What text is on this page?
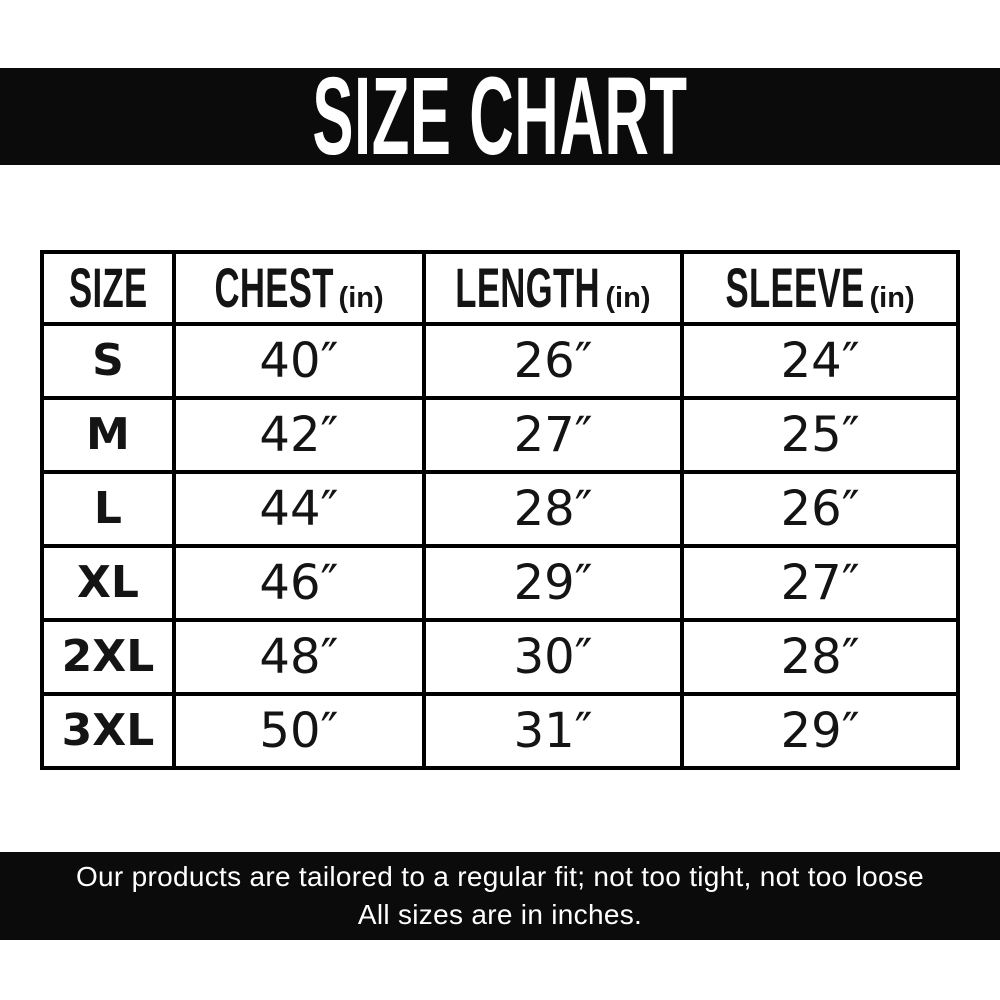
SIZE CHART
SIZE	CHEST (in)	LENGTH (in)	SLEEVE (in)
S	40″	26″	24″
M	42″	27″	25″
L	44″	28″	26″
XL	46″	29″	27″
2XL	48″	30″	28″
3XL	50″	31″	29″
Our products are tailored to a regular fit; not too tight, not too loose
All sizes are in inches.
